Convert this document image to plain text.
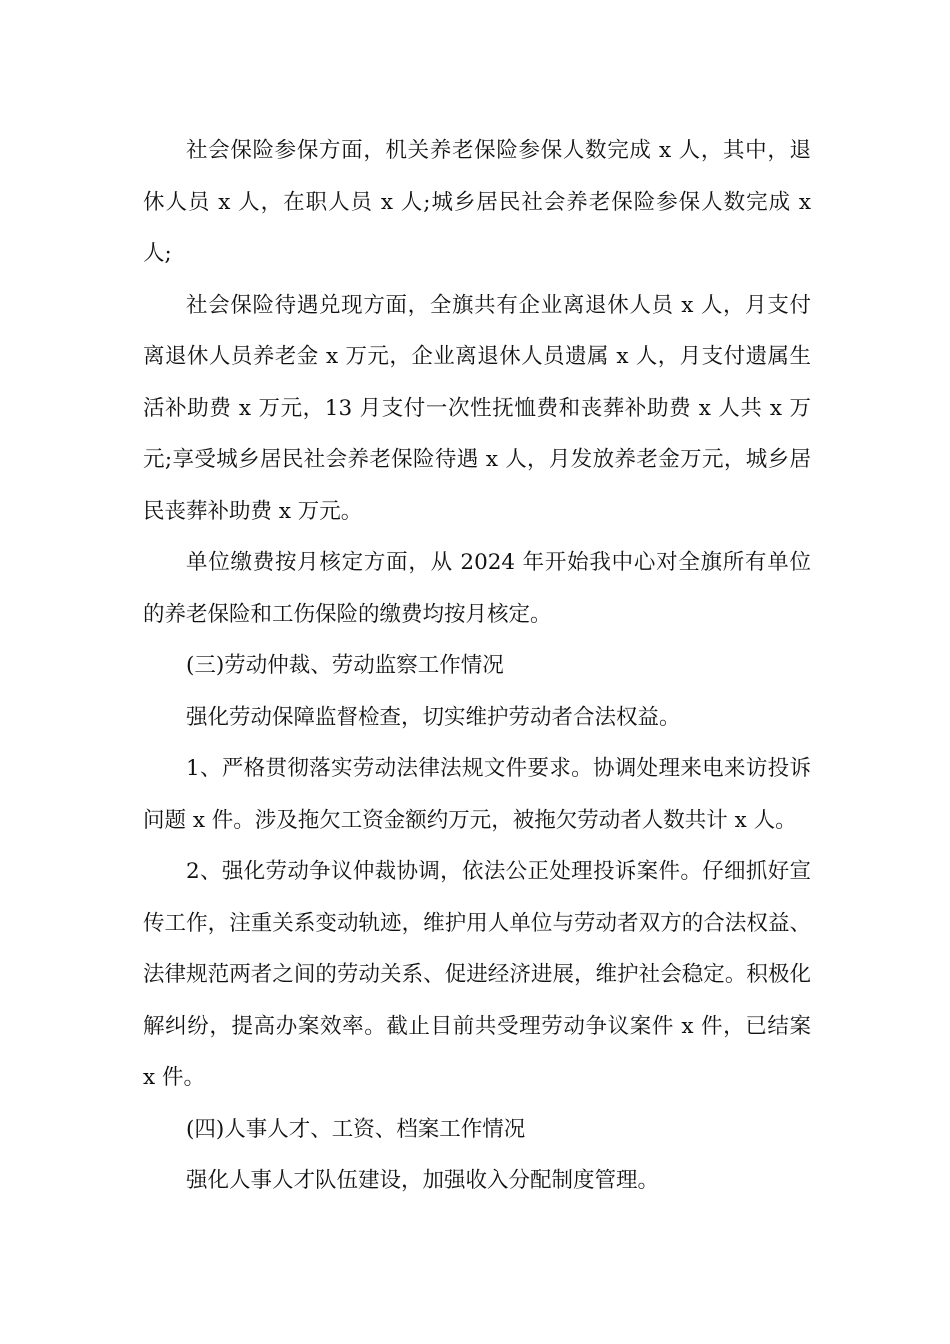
社会保险参保方面，机关养老保险参保人数完成 x 人，其中，退休人员 x 人，在职人员 x 人;城乡居民社会养老保险参保人数完成 x 人;

社会保险待遇兑现方面，全旗共有企业离退休人员 x 人，月支付离退休人员养老金 x 万元，企业离退休人员遗属 x 人，月支付遗属生活补助费 x 万元，13 月支付一次性抚恤费和丧葬补助费 x 人共 x 万元;享受城乡居民社会养老保险待遇 x 人，月发放养老金万元，城乡居民丧葬补助费 x 万元。

单位缴费按月核定方面，从 2024 年开始我中心对全旗所有单位的养老保险和工伤保险的缴费均按月核定。

(三)劳动仲裁、劳动监察工作情况

强化劳动保障监督检查，切实维护劳动者合法权益。

1、严格贯彻落实劳动法律法规文件要求。协调处理来电来访投诉问题 x 件。涉及拖欠工资金额约万元，被拖欠劳动者人数共计 x 人。

2、强化劳动争议仲裁协调，依法公正处理投诉案件。仔细抓好宣传工作，注重关系变动轨迹，维护用人单位与劳动者双方的合法权益、法律规范两者之间的劳动关系、促进经济进展，维护社会稳定。积极化解纠纷，提高办案效率。截止目前共受理劳动争议案件 x 件，已结案 x 件。

(四)人事人才、工资、档案工作情况

强化人事人才队伍建设，加强收入分配制度管理。
